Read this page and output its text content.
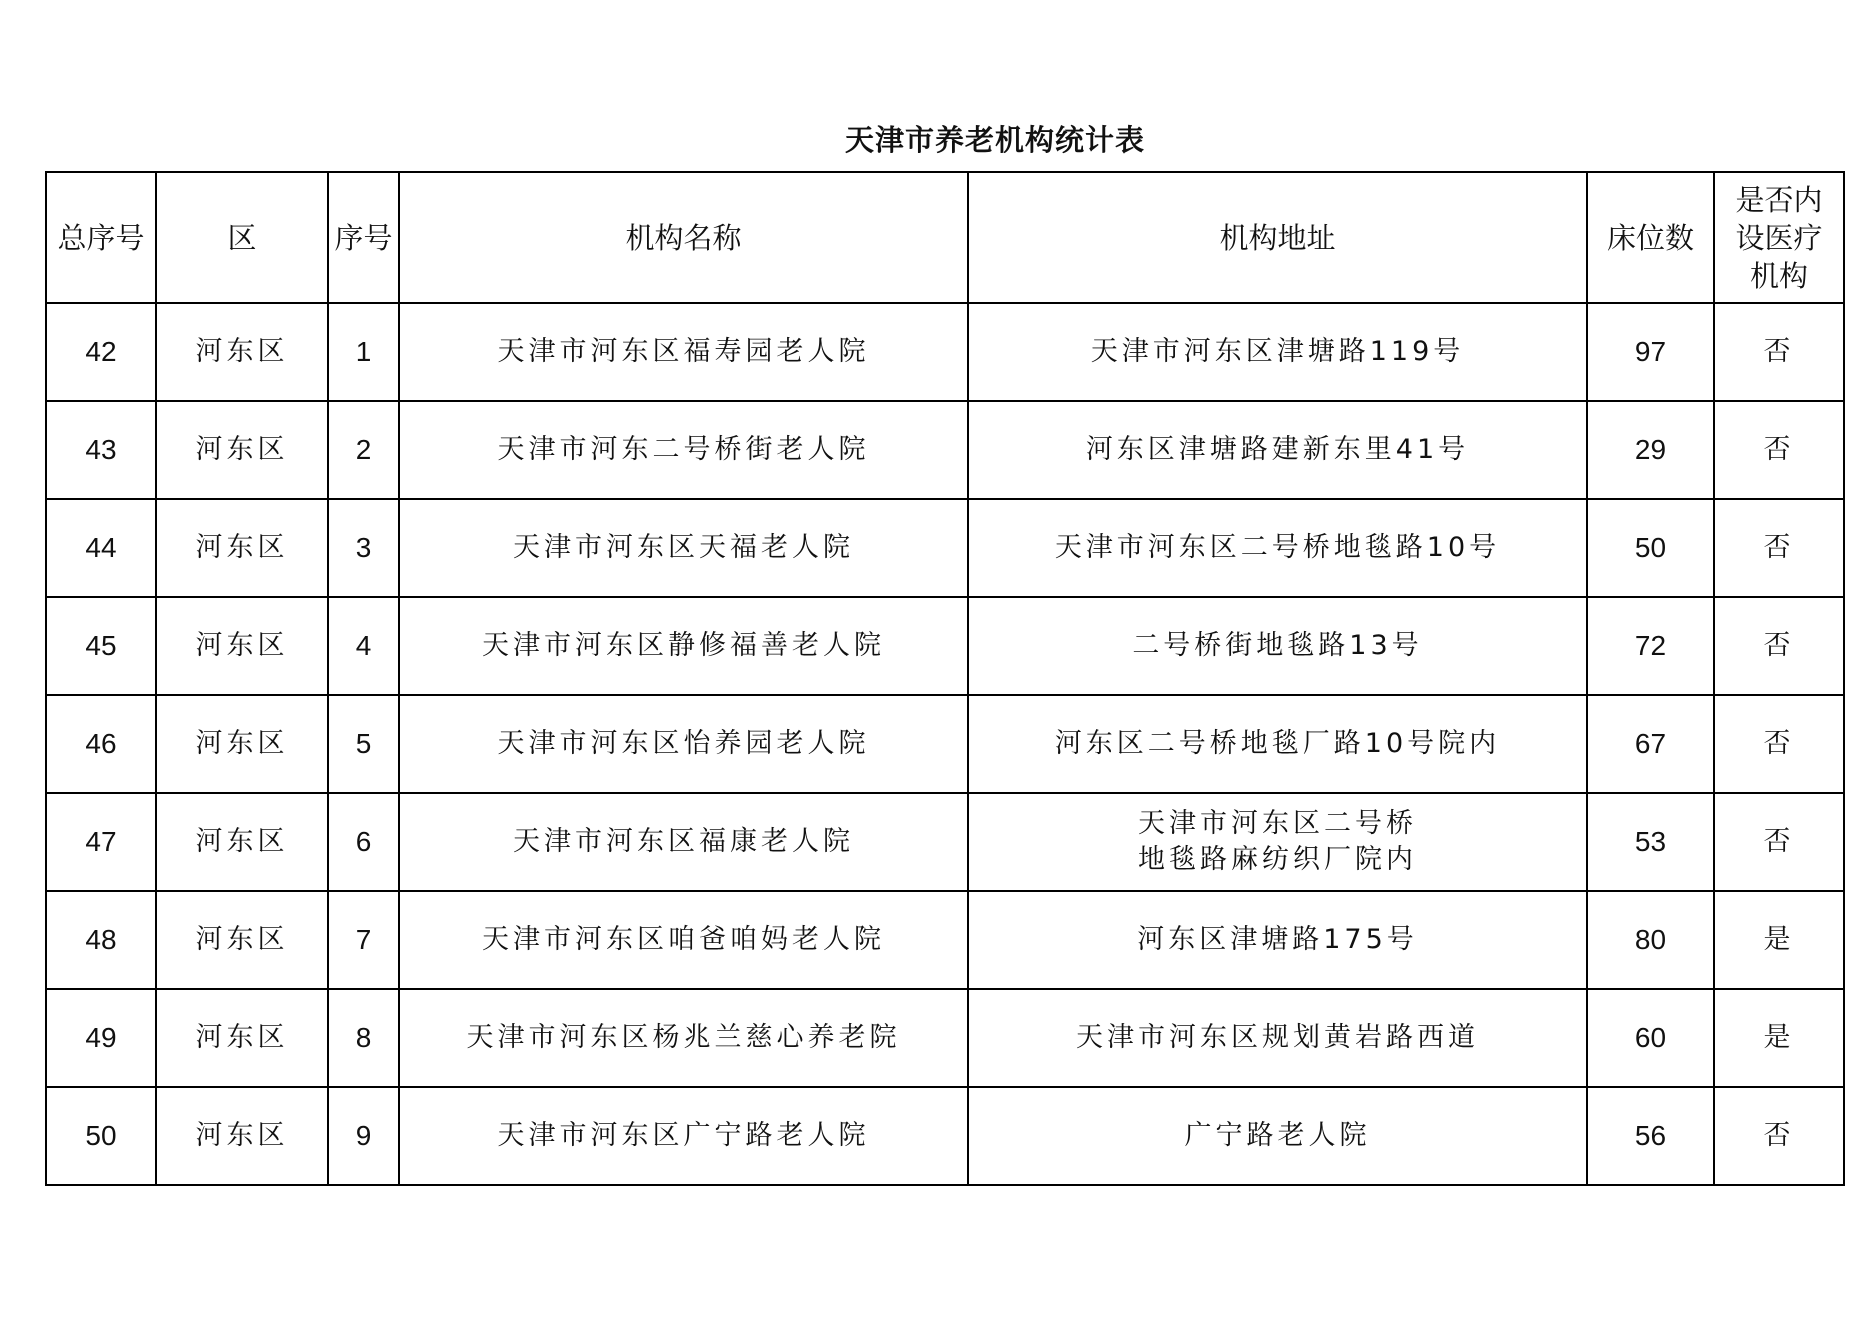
天津市养老机构统计表
总序号	区	序号	机构名称	机构地址	床位数	是否内
设医疗
机构

42	河东区	1	天津市河东区福寿园老人院	天津市河东区津塘路119号	97	否
43	河东区	2	天津市河东二号桥街老人院	河东区津塘路建新东里41号	29	否
44	河东区	3	天津市河东区天福老人院	天津市河东区二号桥地毯路10号	50	否
45	河东区	4	天津市河东区静修福善老人院	二号桥街地毯路13号	72	否
46	河东区	5	天津市河东区怡养园老人院	河东区二号桥地毯厂路10号院内	67	否
47	河东区	6	天津市河东区福康老人院	天津市河东区二号桥
地毯路麻纺织厂院内	53	否
48	河东区	7	天津市河东区咱爸咱妈老人院	河东区津塘路175号	80	是
49	河东区	8	天津市河东区杨兆兰慈心养老院	天津市河东区规划黄岩路西道	60	是
50	河东区	9	天津市河东区广宁路老人院	广宁路老人院	56	否
